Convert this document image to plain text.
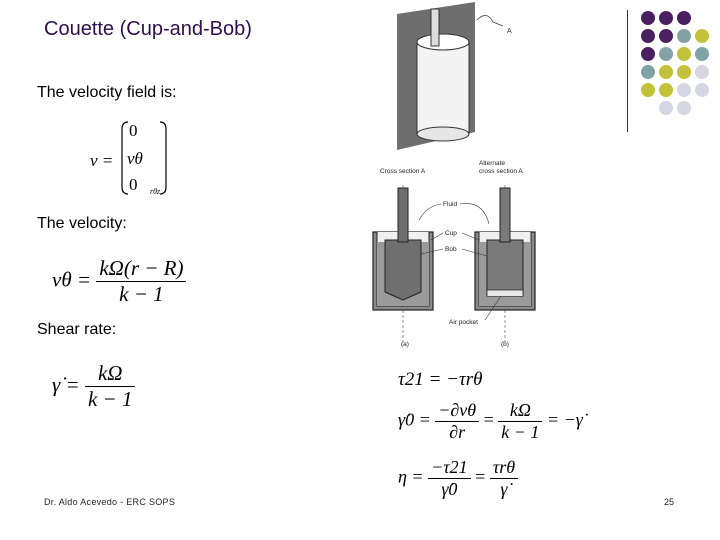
Couette (Cup-and-Bob)
The velocity field is:
v =
0
vθ
0 rθz
The velocity:
$v\theta = \frac{k\Omega(r - R)}{k - 1}$
Shear rate:
γ̇ = $\frac{k\Omega}{k - 1}$
A
Cross section A
Alternate
cross section A
(a)	(b)
Fluid
Cup
Bob
Air pocket
τ21 = −τrθ
γ̇0 = $\frac{-\partial v\theta}{\partial r} = \frac{k\Omega}{k - 1}$ = −γ̇
$\eta = \frac{-\tau 21}{\gammȧ0} = \frac{\text{τrθ}}{\gammȧ}$
Dr. Aldo Acevedo - ERC SOPS	25
